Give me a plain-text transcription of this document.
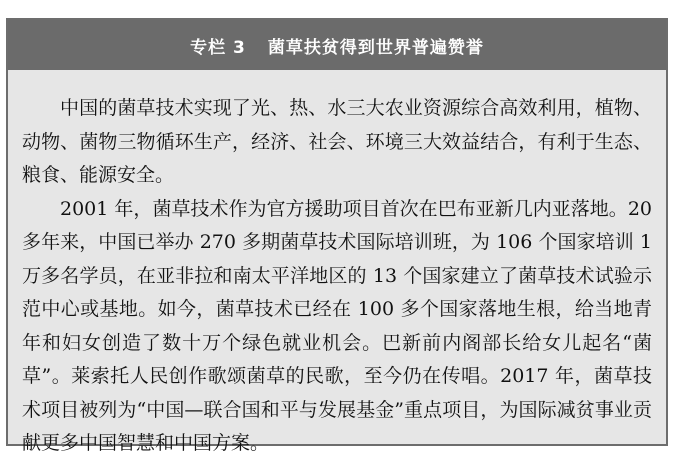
专栏 3 菌草扶贫得到世界普遍赞誉

中国的菌草技术实现了光、热、水三大农业资源综合高效利用，植物、动物、菌物三物循环生产，经济、社会、环境三大效益结合，有利于生态、粮食、能源安全。

2001 年，菌草技术作为官方援助项目首次在巴布亚新几内亚落地。20 多年来，中国已举办 270 多期菌草技术国际培训班，为 106 个国家培训 1 万多名学员，在亚非拉和南太平洋地区的 13 个国家建立了菌草技术试验示范中心或基地。如今，菌草技术已经在 100 多个国家落地生根，给当地青年和妇女创造了数十万个绿色就业机会。巴新前内阁部长给女儿起名“菌草”。莱索托人民创作歌颂菌草的民歌，至今仍在传唱。2017 年，菌草技术项目被列为“中国—联合国和平与发展基金”重点项目，为国际减贫事业贡献更多中国智慧和中国方案。
